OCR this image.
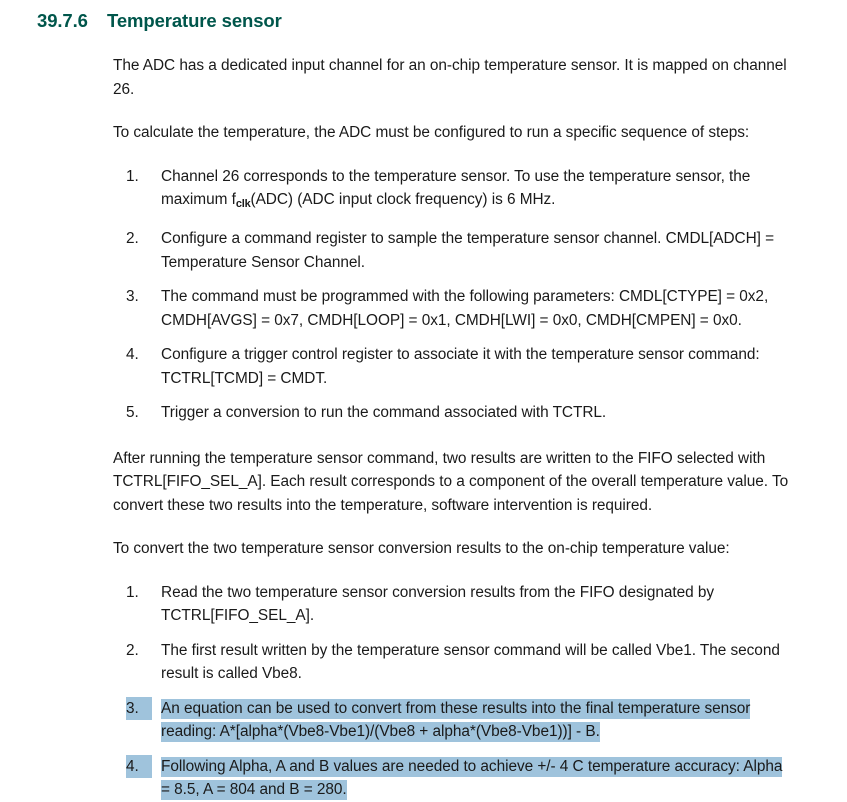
39.7.6	Temperature sensor

The ADC has a dedicated input channel for an on-chip temperature sensor. It is mapped on channel 26.

To calculate the temperature, the ADC must be configured to run a specific sequence of steps:

1.	Channel 26 corresponds to the temperature sensor. To use the temperature sensor, the maximum $f_{clk}(ADC)$ (ADC input clock frequency) is 6 MHz.
2.	Configure a command register to sample the temperature sensor channel. CMDL[ADCH] = Temperature Sensor Channel.
3.	The command must be programmed with the following parameters: CMDL[CTYPE] = 0x2, CMDH[AVGS] = 0x7, CMDH[LOOP] = 0x1, CMDH[LWI] = 0x0, CMDH[CMPEN] = 0x0.
4.	Configure a trigger control register to associate it with the temperature sensor command: TCTRL[TCMD] = CMDT.
5.	Trigger a conversion to run the command associated with TCTRL.

After running the temperature sensor command, two results are written to the FIFO selected with TCTRL[FIFO_SEL_A]. Each result corresponds to a component of the overall temperature value. To convert these two results into the temperature, software intervention is required.

To convert the two temperature sensor conversion results to the on-chip temperature value:

1.	Read the two temperature sensor conversion results from the FIFO designated by TCTRL[FIFO_SEL_A].
2.	The first result written by the temperature sensor command will be called Vbe1. The second result is called Vbe8.
3.	An equation can be used to convert from these results into the final temperature sensor reading: A*[alpha*(Vbe8-Vbe1)/(Vbe8 + alpha*(Vbe8-Vbe1))] - B.
4.	Following Alpha, A and B values are needed to achieve +/- 4 C temperature accuracy: Alpha = 8.5, A = 804 and B = 280.
